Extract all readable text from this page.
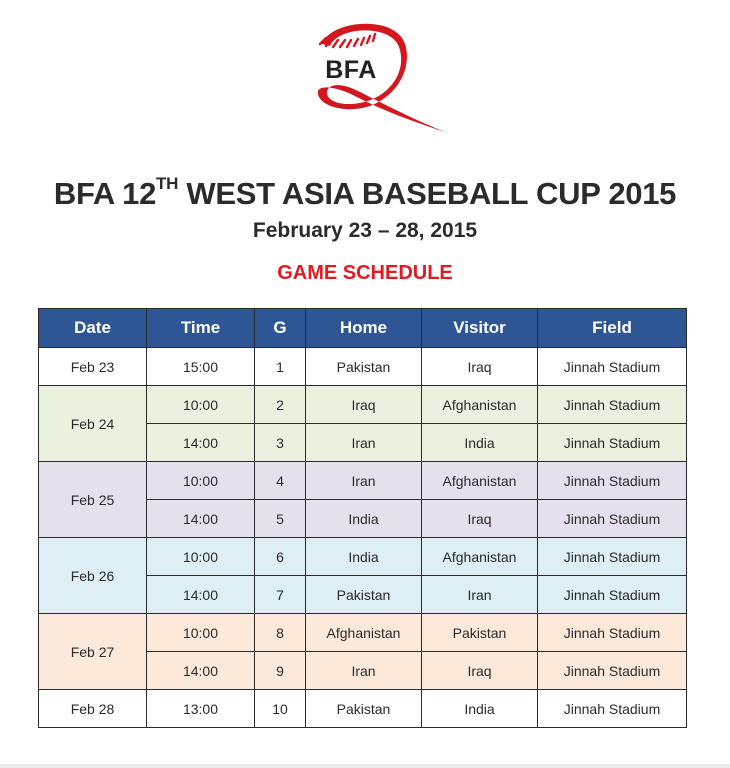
BFA
BFA 12TH WEST ASIA BASEBALL CUP 2015
February 23 – 28, 2015
GAME SCHEDULE
Date	Time	G	Home	Visitor	Field
Feb 23	15:00	1	Pakistan	Iraq	Jinnah Stadium
Feb 24	10:00	2	Iraq	Afghanistan	Jinnah Stadium
	14:00	3	Iran	India	Jinnah Stadium
Feb 25	10:00	4	Iran	Afghanistan	Jinnah Stadium
	14:00	5	India	Iraq	Jinnah Stadium
Feb 26	10:00	6	India	Afghanistan	Jinnah Stadium
	14:00	7	Pakistan	Iran	Jinnah Stadium
Feb 27	10:00	8	Afghanistan	Pakistan	Jinnah Stadium
	14:00	9	Iran	Iraq	Jinnah Stadium
Feb 28	13:00	10	Pakistan	India	Jinnah Stadium
